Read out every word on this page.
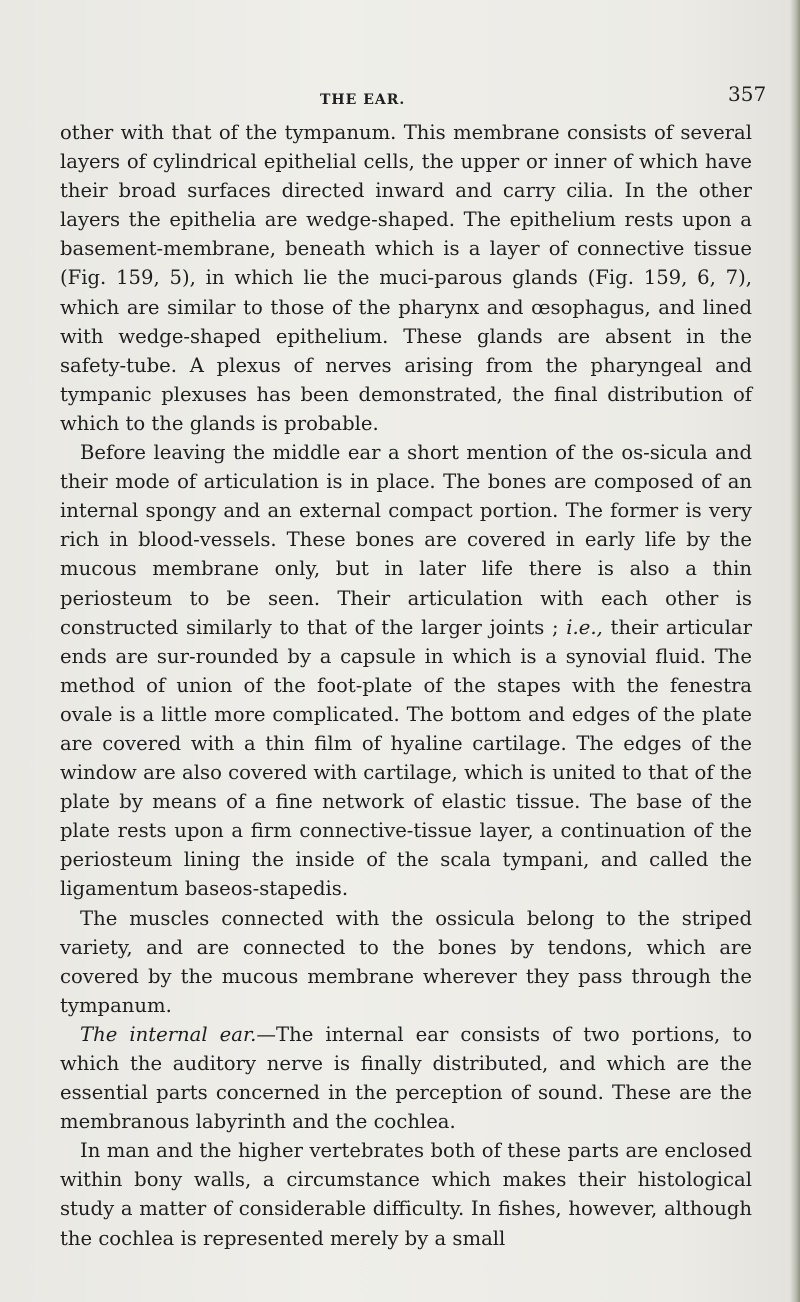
THE EAR.	357

other with that of the tympanum. This membrane consists of several layers of cylindrical epithelial cells, the upper or inner of which have their broad surfaces directed inward and carry cilia. In the other layers the epithelia are wedge-shaped. The epithelium rests upon a basement-membrane, beneath which is a layer of connective tissue (Fig. 159, 5), in which lie the muci-parous glands (Fig. 159, 6, 7), which are similar to those of the pharynx and œsophagus, and lined with wedge-shaped epithelium. These glands are absent in the safety-tube. A plexus of nerves arising from the pharyngeal and tympanic plexuses has been demonstrated, the final distribution of which to the glands is probable.

Before leaving the middle ear a short mention of the os-sicula and their mode of articulation is in place. The bones are composed of an internal spongy and an external compact portion. The former is very rich in blood-vessels. These bones are covered in early life by the mucous membrane only, but in later life there is also a thin periosteum to be seen. Their articulation with each other is constructed similarly to that of the larger joints ; i.e., their articular ends are sur-rounded by a capsule in which is a synovial fluid. The method of union of the foot-plate of the stapes with the fenestra ovale is a little more complicated. The bottom and edges of the plate are covered with a thin film of hyaline cartilage. The edges of the window are also covered with cartilage, which is united to that of the plate by means of a fine network of elastic tissue. The base of the plate rests upon a firm connective-tissue layer, a continuation of the periosteum lining the inside of the scala tympani, and called the ligamentum baseos-stapedis.

The muscles connected with the ossicula belong to the striped variety, and are connected to the bones by tendons, which are covered by the mucous membrane wherever they pass through the tympanum.

The internal ear.—The internal ear consists of two portions, to which the auditory nerve is finally distributed, and which are the essential parts concerned in the perception of sound. These are the membranous labyrinth and the cochlea.

In man and the higher vertebrates both of these parts are enclosed within bony walls, a circumstance which makes their histological study a matter of considerable difficulty. In fishes, however, although the cochlea is represented merely by a small
